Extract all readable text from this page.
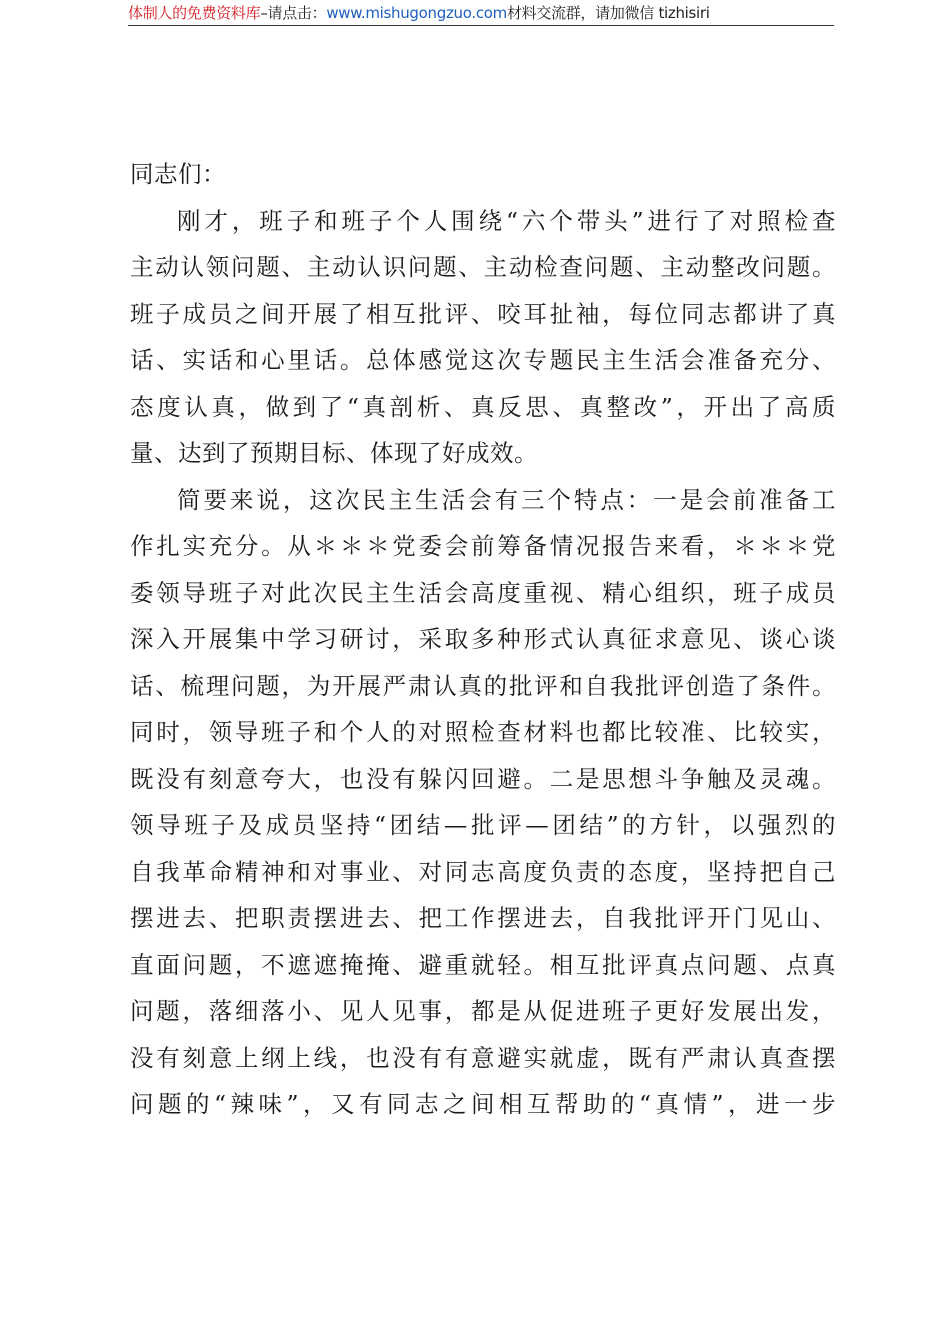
体制人的免费资料库–请点击：www.mishugongzuo.com材料交流群，请加微信 tizhisiri
同志们：
刚才，班子和班子个人围绕“六个带头”进行了对照检查
主动认领问题、主动认识问题、主动检查问题、主动整改问题。
班子成员之间开展了相互批评、咬耳扯袖，每位同志都讲了真
话、实话和心里话。总体感觉这次专题民主生活会准备充分、
态度认真，做到了“真剖析、真反思、真整改”，开出了高质
量、达到了预期目标、体现了好成效。
简要来说，这次民主生活会有三个特点：一是会前准备工
作扎实充分。从＊＊＊党委会前筹备情况报告来看，＊＊＊党
委领导班子对此次民主生活会高度重视、精心组织，班子成员
深入开展集中学习研讨，采取多种形式认真征求意见、谈心谈
话、梳理问题，为开展严肃认真的批评和自我批评创造了条件。
同时，领导班子和个人的对照检查材料也都比较准、比较实，
既没有刻意夸大，也没有躲闪回避。二是思想斗争触及灵魂。
领导班子及成员坚持“团结—批评—团结”的方针，以强烈的
自我革命精神和对事业、对同志高度负责的态度，坚持把自己
摆进去、把职责摆进去、把工作摆进去，自我批评开门见山、
直面问题，不遮遮掩掩、避重就轻。相互批评真点问题、点真
问题，落细落小、见人见事，都是从促进班子更好发展出发，
没有刻意上纲上线，也没有有意避实就虚，既有严肃认真查摆
问题的“辣味”，又有同志之间相互帮助的“真情”，进一步
